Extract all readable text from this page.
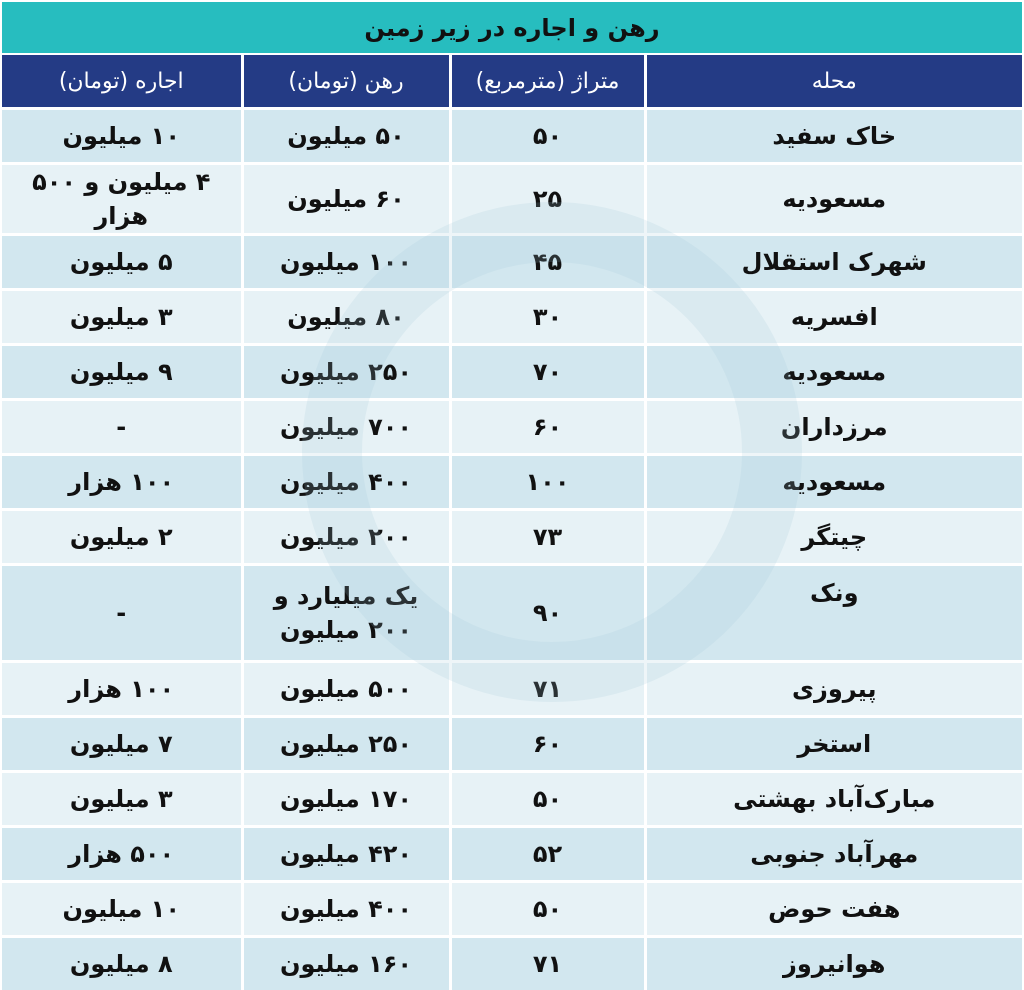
رهن و اجاره در زیر زمین
محله	متراژ (مترمربع)	رهن (تومان)	اجاره (تومان)
خاک سفید	۵۰	۵۰ میلیون	۱۰ میلیون
مسعودیه	۲۵	۶۰ میلیون	۴ میلیون و ۵۰۰ هزار
شهرک استقلال	۴۵	۱۰۰ میلیون	۵ میلیون
افسریه	۳۰	۸۰ میلیون	۳ میلیون
مسعودیه	۷۰	۲۵۰ میلیون	۹ میلیون
مرزداران	۶۰	۷۰۰ میلیون	-
مسعودیه	۱۰۰	۴۰۰ میلیون	۱۰۰ هزار
چیتگر	۷۳	۲۰۰ میلیون	۲ میلیون
ونک	۹۰	یک میلیارد و ۲۰۰ میلیون	-
پیروزی	۷۱	۵۰۰ میلیون	۱۰۰ هزار
استخر	۶۰	۲۵۰ میلیون	۷ میلیون
مبارک‌آباد بهشتی	۵۰	۱۷۰ میلیون	۳ میلیون
مهرآباد جنوبی	۵۲	۴۲۰ میلیون	۵۰۰ هزار
هفت حوض	۵۰	۴۰۰ میلیون	۱۰ میلیون
هوانیروز	۷۱	۱۶۰ میلیون	۸ میلیون
